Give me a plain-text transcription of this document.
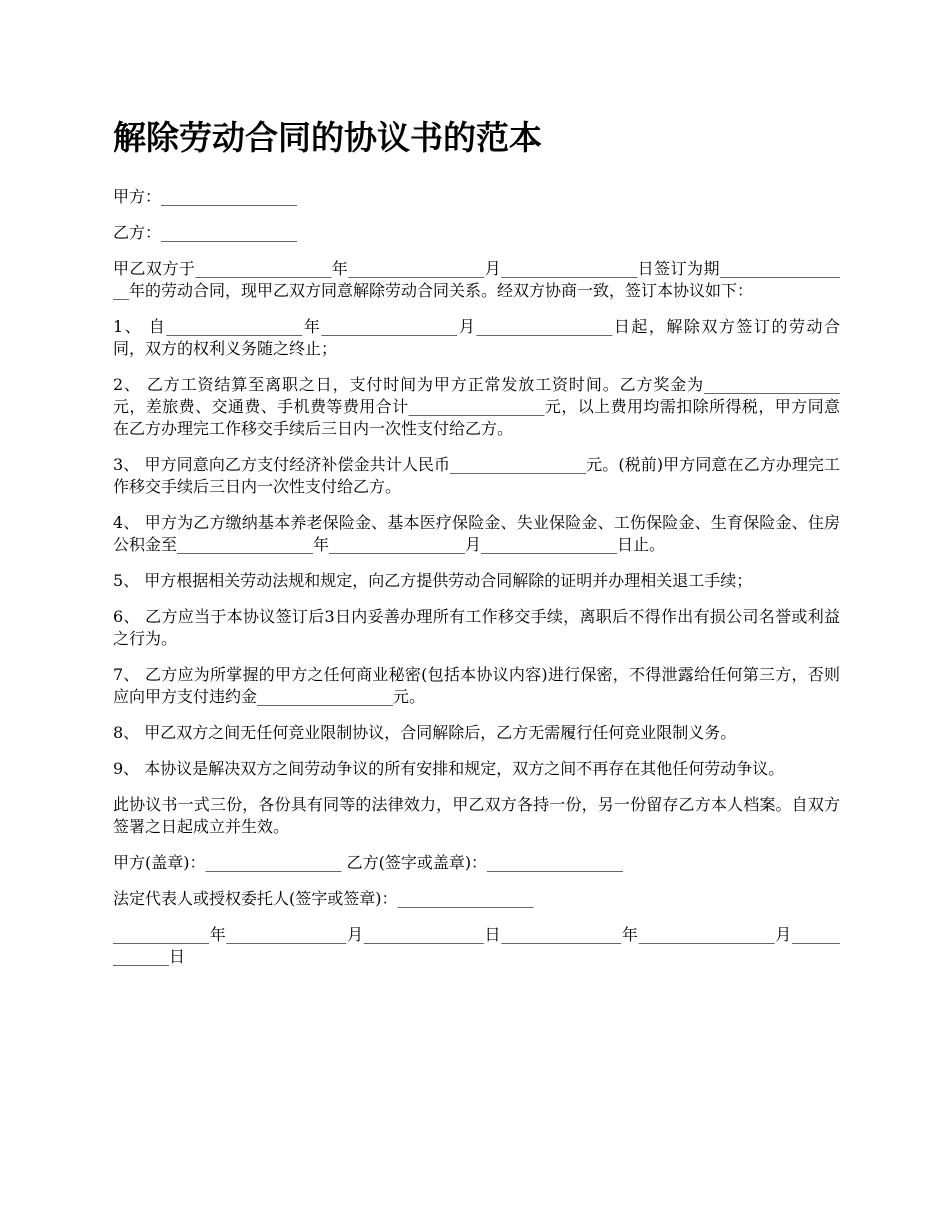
解除劳动合同的协议书的范本

甲方：_________________

乙方：_________________

甲乙双方于_________________年_________________月_________________日签订为期_________________年的劳动合同，现甲乙双方同意解除劳动合同关系。经双方协商一致，签订本协议如下：

1、 自_________________年_________________月_________________日起，解除双方签订的劳动合同，双方的权利义务随之终止；

2、 乙方工资结算至离职之日，支付时间为甲方正常发放工资时间。乙方奖金为_________________元，差旅费、交通费、手机费等费用合计_________________元，以上费用均需扣除所得税，甲方同意在乙方办理完工作移交手续后三日内一次性支付给乙方。

3、 甲方同意向乙方支付经济补偿金共计人民币_________________元。(税前)甲方同意在乙方办理完工作移交手续后三日内一次性支付给乙方。

4、 甲方为乙方缴纳基本养老保险金、基本医疗保险金、失业保险金、工伤保险金、生育保险金、住房公积金至_________________年_________________月_________________日止。

5、 甲方根据相关劳动法规和规定，向乙方提供劳动合同解除的证明并办理相关退工手续；

6、 乙方应当于本协议签订后3日内妥善办理所有工作移交手续，离职后不得作出有损公司名誉或利益之行为。

7、 乙方应为所掌握的甲方之任何商业秘密(包括本协议内容)进行保密，不得泄露给任何第三方，否则应向甲方支付违约金_________________元。

8、 甲乙双方之间无任何竞业限制协议，合同解除后，乙方无需履行任何竞业限制义务。

9、 本协议是解决双方之间劳动争议的所有安排和规定，双方之间不再存在其他任何劳动争议。

此协议书一式三份，各份具有同等的法律效力，甲乙双方各持一份，另一份留存乙方本人档案。自双方签署之日起成立并生效。

甲方(盖章)：_________________ 乙方(签字或盖章)：_________________

法定代表人或授权委托人(签字或签章)：_________________

____________年_______________月_______________日_______________年_________________月_____________日
